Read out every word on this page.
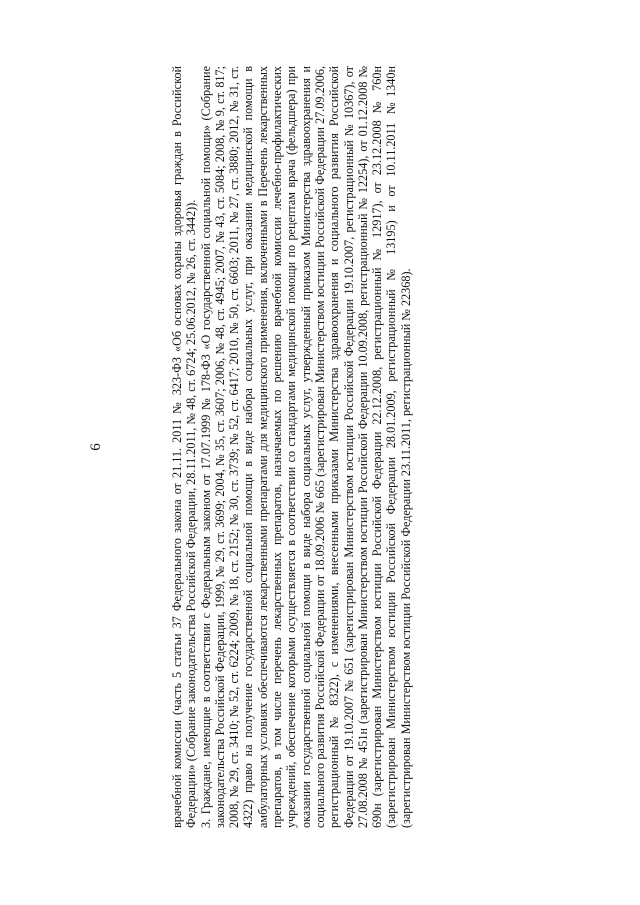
6	врачебной комиссии (часть 5 статьи 37 Федерального закона от 21.11. 2011 № 323-ФЗ «Об основах охраны здоровья граждан в Российской Федерации» (Собрание законодательства Российской Федерации, 28.11.2011, № 48, ст. 6724; 25.06.2012, № 26, ст. 3442)). 3. Граждане, имеющие в соответствии с Федеральным законом от 17.07.1999 № 178-ФЗ «О государственной социальной помощи» (Собрание законодательства Российской Федерации, 1999, № 29, ст. 3699; 2004, № 35, ст. 3607; 2006, № 48, ст. 4945; 2007, № 43, ст. 5084; 2008, № 9, ст. 817; 2008, № 29, ст. 3410; № 52, ст. 6224; 2009, № 18, ст. 2152; № 30, ст. 3739; № 52, ст. 6417; 2010, № 50, ст. 6603; 2011, № 27, ст. 3880; 2012, № 31, ст. 4322) право на получение государственной социальной помощи в виде набора социальных услуг, при оказании медицинской помощи в амбулаторных условиях обеспечиваются лекарственными препаратами для медицинского применения, включенными в Перечень лекарственных препаратов, в том числе перечень лекарственных препаратов, назначаемых по решению врачебной комиссии лечебно-профилактических учреждений, обеспечение которыми осуществляется в соответствии со стандартами медицинской помощи по рецептам врача (фельдшера) при оказании государственной социальной помощи в виде набора социальных услуг, утвержденный приказом Министерства здравоохранения и социального развития Российской Федерации от 18.09.2006 № 665 (зарегистрирован Министерством юстиции Российской Федерации 27.09.2006, регистрационный № 8322), с изменениями, внесенными приказами Министерства здравоохранения и социального развития Российской Федерации от 19.10.2007 № 651 (зарегистрирован Министерством юстиции Российской Федерации 19.10.2007, регистрационный № 10367), от 27.08.2008 № 451н (зарегистрирован Министерством юстиции Российской Федерации 10.09.2008, регистрационный № 12254), от 01.12.2008 № 690н (зарегистрирован Министерством юстиции Российской Федерации 22.12.2008, регистрационный № 12917), от 23.12.2008 № 760н (зарегистрирован Министерством юстиции Российской Федерации 28.01.2009, регистрационный № 13195) и от 10.11.2011 №1340н (зарегистрирован Министерством юстиции Российской Федерации 23.11.2011, регистрационный № 22368).
